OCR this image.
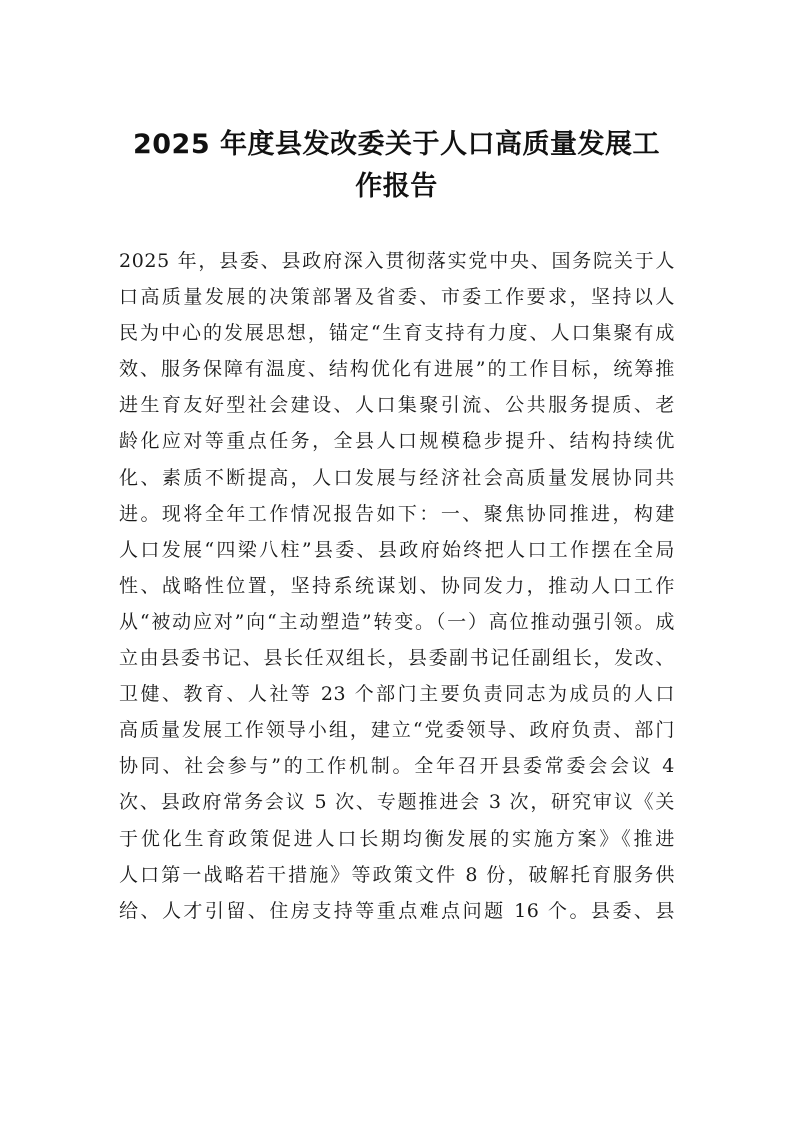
2025 年度县发改委关于人口高质量发展工
作报告
2025 年，县委、县政府深入贯彻落实党中央、国务院关于人
口高质量发展的决策部署及省委、市委工作要求，坚持以人
民为中心的发展思想，锚定“生育支持有力度、人口集聚有成
效、服务保障有温度、结构优化有进展”的工作目标，统筹推
进生育友好型社会建设、人口集聚引流、公共服务提质、老
龄化应对等重点任务，全县人口规模稳步提升、结构持续优
化、素质不断提高，人口发展与经济社会高质量发展协同共
进。现将全年工作情况报告如下：一、聚焦协同推进，构建
人口发展“四梁八柱”县委、县政府始终把人口工作摆在全局
性、战略性位置，坚持系统谋划、协同发力，推动人口工作
从“被动应对”向“主动塑造”转变。（一）高位推动强引领。成
立由县委书记、县长任双组长，县委副书记任副组长，发改、
卫健、教育、人社等 23 个部门主要负责同志为成员的人口
高质量发展工作领导小组，建立“党委领导、政府负责、部门
协同、社会参与”的工作机制。全年召开县委常委会会议 4
次、县政府常务会议 5 次、专题推进会 3 次，研究审议《关
于优化生育政策促进人口长期均衡发展的实施方案》《推进
人口第一战略若干措施》等政策文件 8 份，破解托育服务供
给、人才引留、住房支持等重点难点问题 16 个。县委、县
